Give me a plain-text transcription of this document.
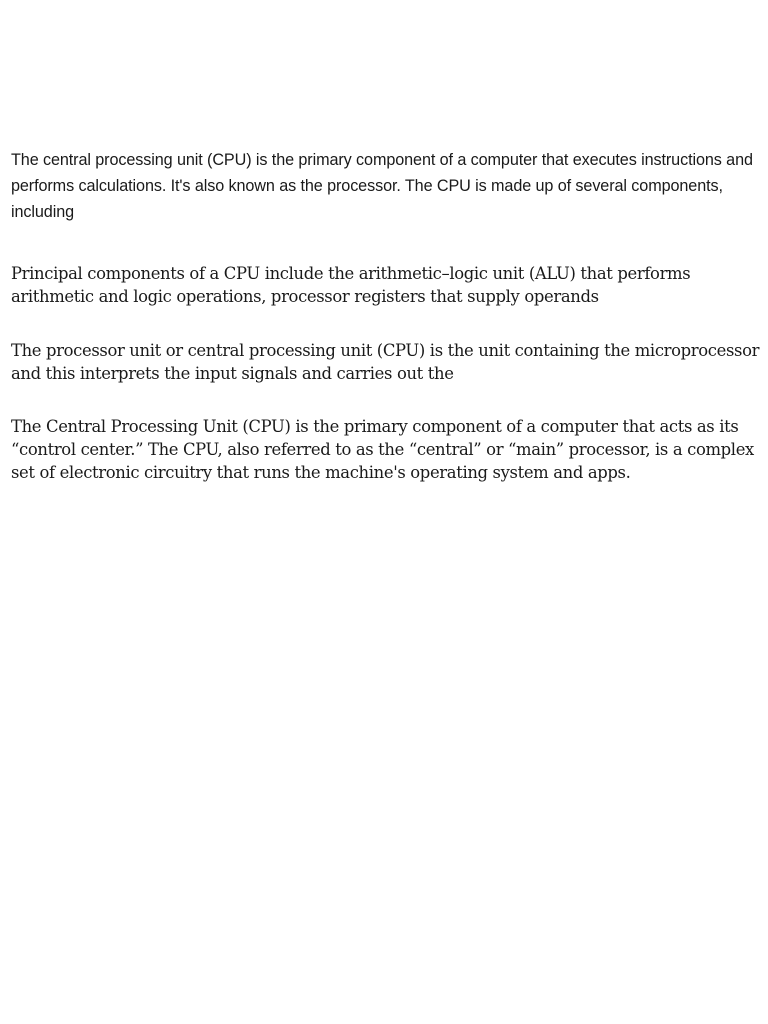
The central processing unit (CPU) is the primary component of a computer that executes instructions and performs calculations. It's also known as the processor. The CPU is made up of several components, including

Principal components of a CPU include the arithmetic–logic unit (ALU) that performs arithmetic and logic operations, processor registers that supply operands

The processor unit or central processing unit (CPU) is the unit containing the microprocessor and this interprets the input signals and carries out the

The Central Processing Unit (CPU) is the primary component of a computer that acts as its “control center.” The CPU, also referred to as the “central” or “main” processor, is a complex set of electronic circuitry that runs the machine's operating system and apps.
